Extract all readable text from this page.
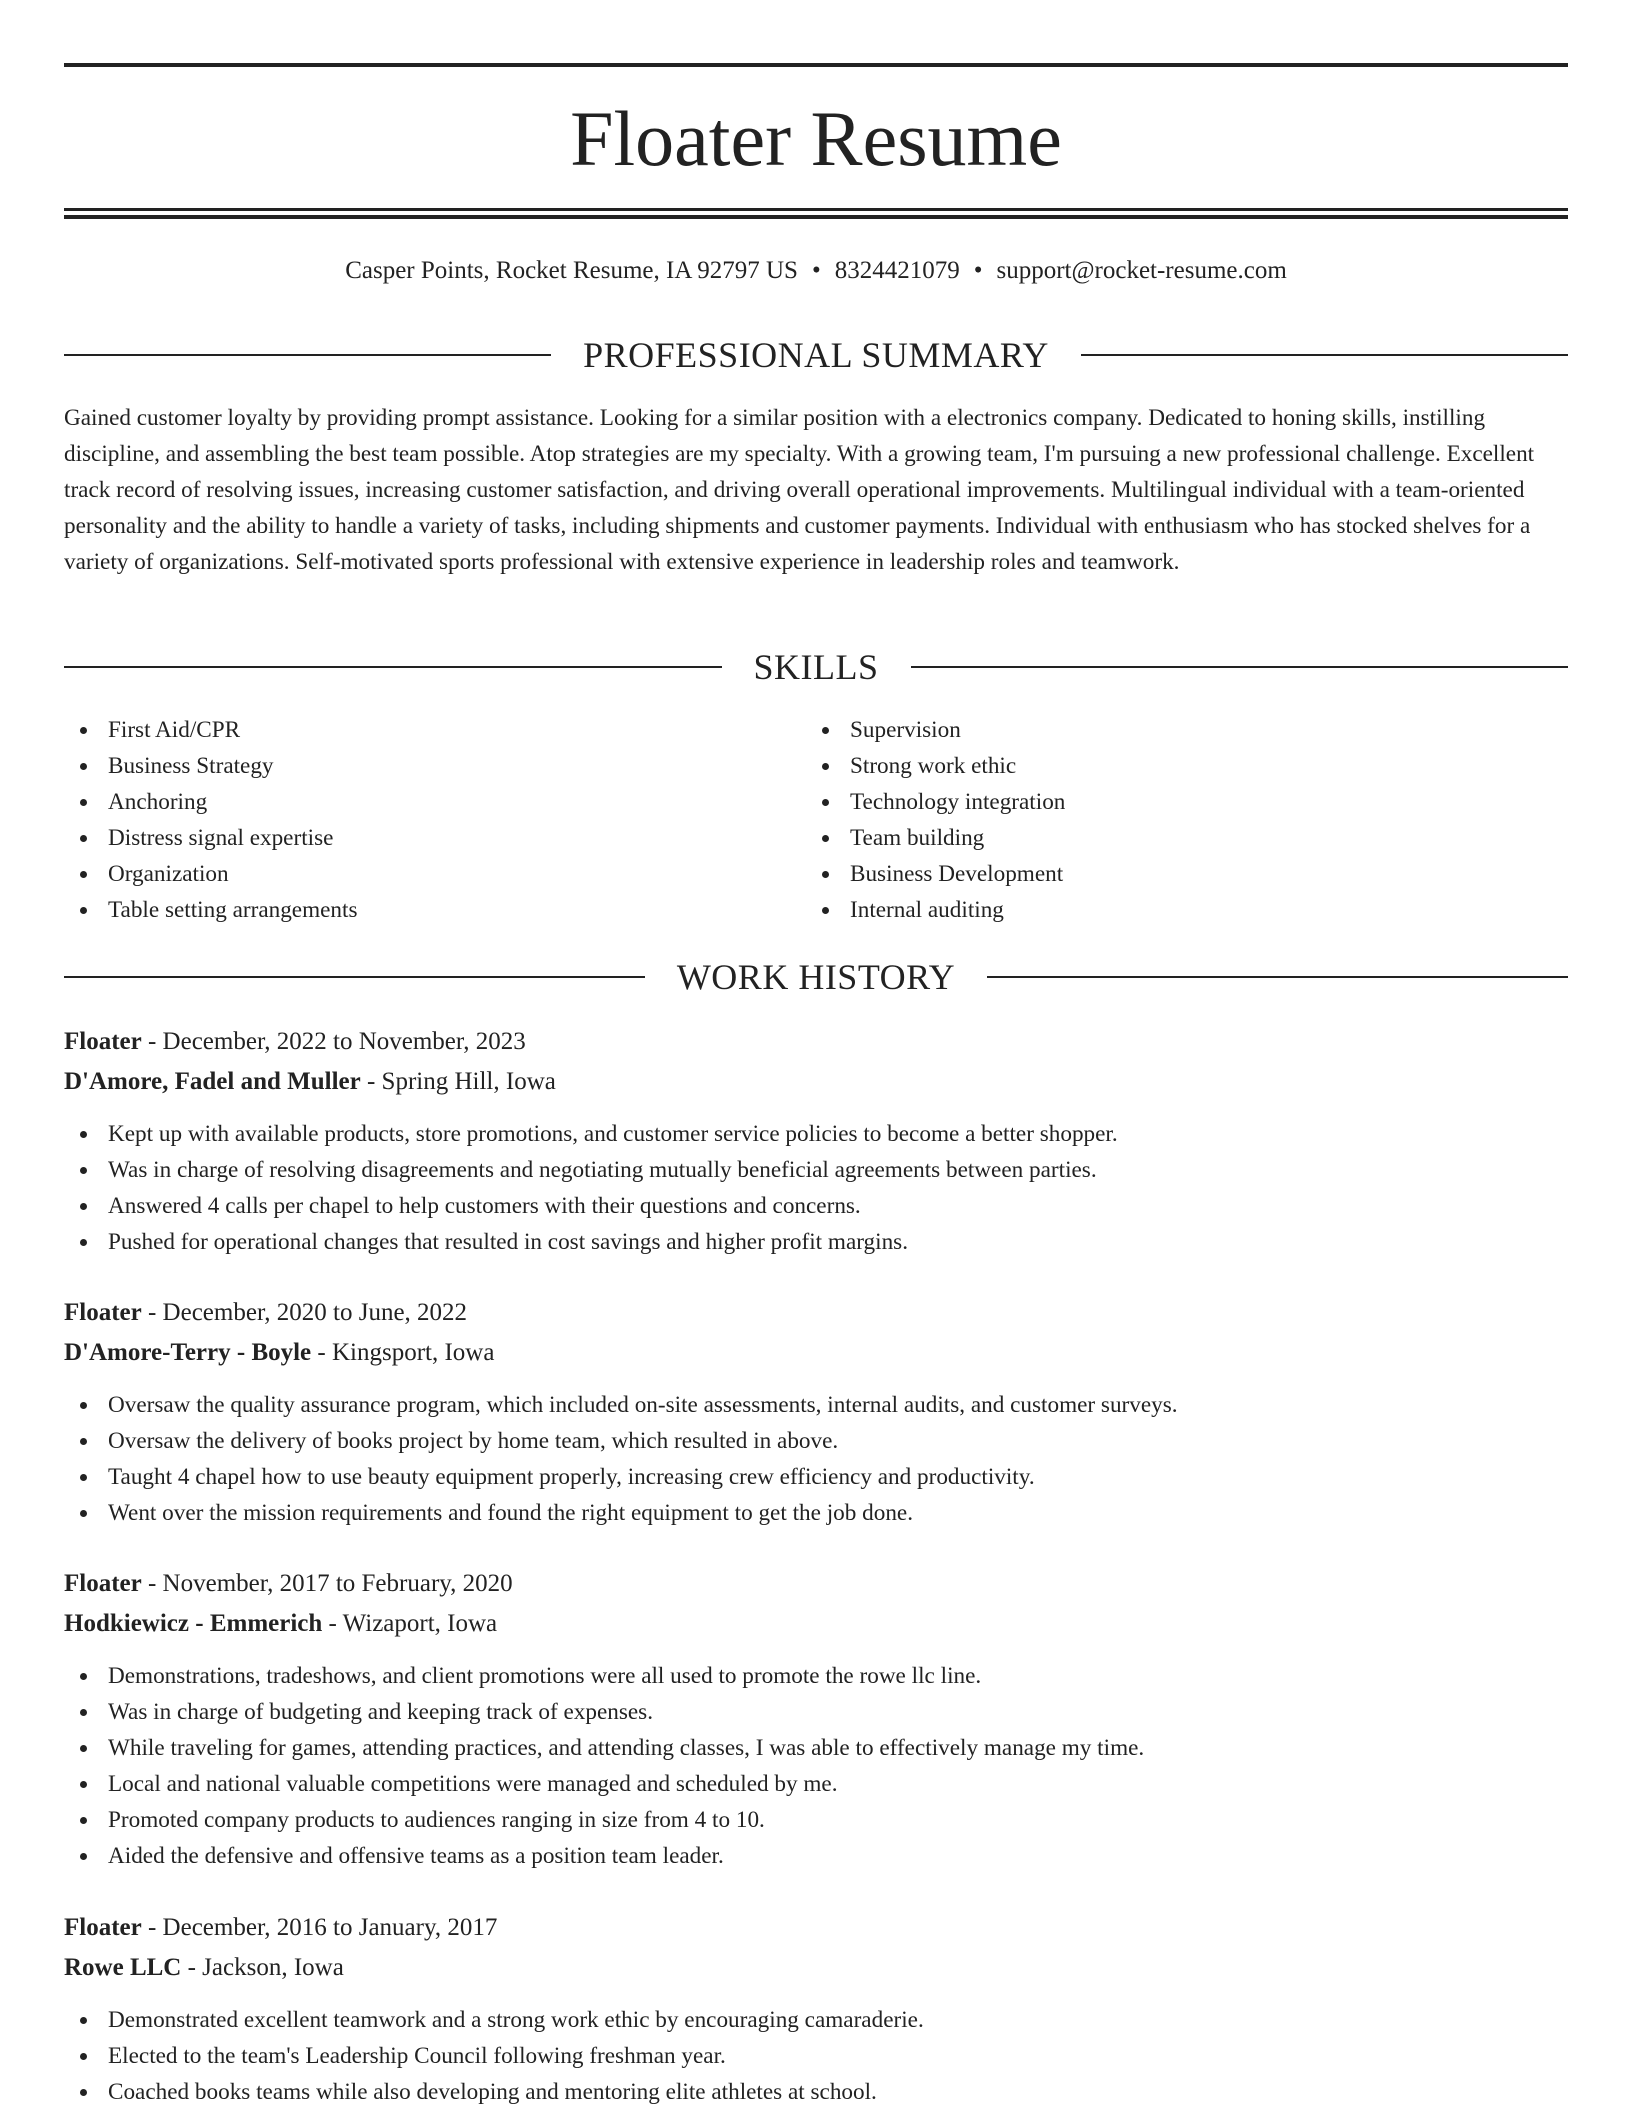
Floater Resume
Casper Points, Rocket Resume, IA 92797 US • 8324421079 • support@rocket-resume.com
PROFESSIONAL SUMMARY

Gained customer loyalty by providing prompt assistance. Looking for a similar position with a electronics company. Dedicated to honing skills, instilling discipline, and assembling the best team possible. Atop strategies are my specialty. With a growing team, I'm pursuing a new professional challenge. Excellent track record of resolving issues, increasing customer satisfaction, and driving overall operational improvements. Multilingual individual with a team-oriented personality and the ability to handle a variety of tasks, including shipments and customer payments. Individual with enthusiasm who has stocked shelves for a variety of organizations. Self-motivated sports professional with extensive experience in leadership roles and teamwork.

SKILLS
First Aid/CPR
Business Strategy
Anchoring
Distress signal expertise
Organization
Table setting arrangements
Supervision
Strong work ethic
Technology integration
Team building
Business Development
Internal auditing
WORK HISTORY
Floater - December, 2022 to November, 2023
D'Amore, Fadel and Muller - Spring Hill, Iowa
Kept up with available products, store promotions, and customer service policies to become a better shopper.
Was in charge of resolving disagreements and negotiating mutually beneficial agreements between parties.
Answered 4 calls per chapel to help customers with their questions and concerns.
Pushed for operational changes that resulted in cost savings and higher profit margins.
Floater - December, 2020 to June, 2022
D'Amore-Terry - Boyle - Kingsport, Iowa
Oversaw the quality assurance program, which included on-site assessments, internal audits, and customer surveys.
Oversaw the delivery of books project by home team, which resulted in above.
Taught 4 chapel how to use beauty equipment properly, increasing crew efficiency and productivity.
Went over the mission requirements and found the right equipment to get the job done.
Floater - November, 2017 to February, 2020
Hodkiewicz - Emmerich - Wizaport, Iowa
Demonstrations, tradeshows, and client promotions were all used to promote the rowe llc line.
Was in charge of budgeting and keeping track of expenses.
While traveling for games, attending practices, and attending classes, I was able to effectively manage my time.
Local and national valuable competitions were managed and scheduled by me.
Promoted company products to audiences ranging in size from 4 to 10.
Aided the defensive and offensive teams as a position team leader.
Floater - December, 2016 to January, 2017
Rowe LLC - Jackson, Iowa
Demonstrated excellent teamwork and a strong work ethic by encouraging camaraderie.
Elected to the team's Leadership Council following freshman year.
Coached books teams while also developing and mentoring elite athletes at school.
